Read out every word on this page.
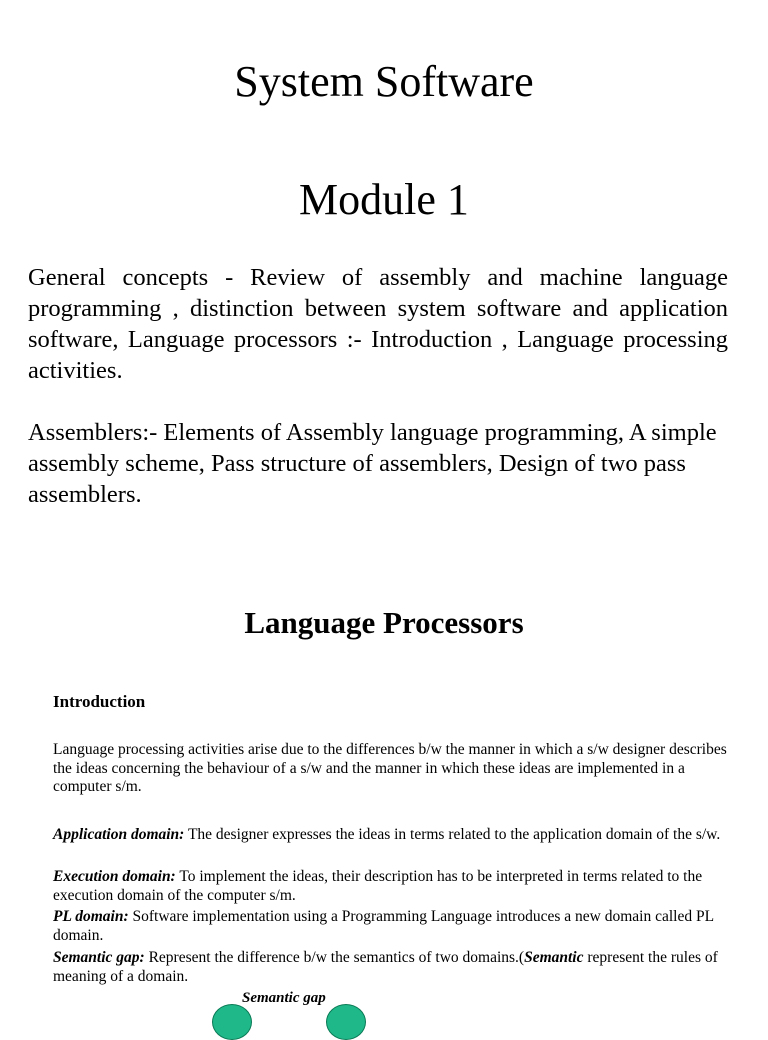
System Software
Module 1

General concepts - Review of assembly and machine language programming , distinction between system software and application software, Language processors :- Introduction , Language processing activities.

Assemblers:- Elements of Assembly language programming, A simple assembly scheme, Pass structure of assemblers, Design of two pass assemblers.

Language Processors

Introduction

Language processing activities arise due to the differences b/w the manner in which a s/w designer describes the ideas concerning the behaviour of a s/w and the manner in which these ideas are implemented in a computer s/m.

Application domain: The designer expresses the ideas in terms related to the application domain of the s/w.

Execution domain: To implement the ideas, their description has to be interpreted in terms related to the execution domain of the computer s/m.

PL domain: Software implementation using a Programming Language introduces a new domain called PL domain.

Semantic gap: Represent the difference b/w the semantics of two domains.(Semantic represent the rules of meaning of a domain.

Semantic gap
